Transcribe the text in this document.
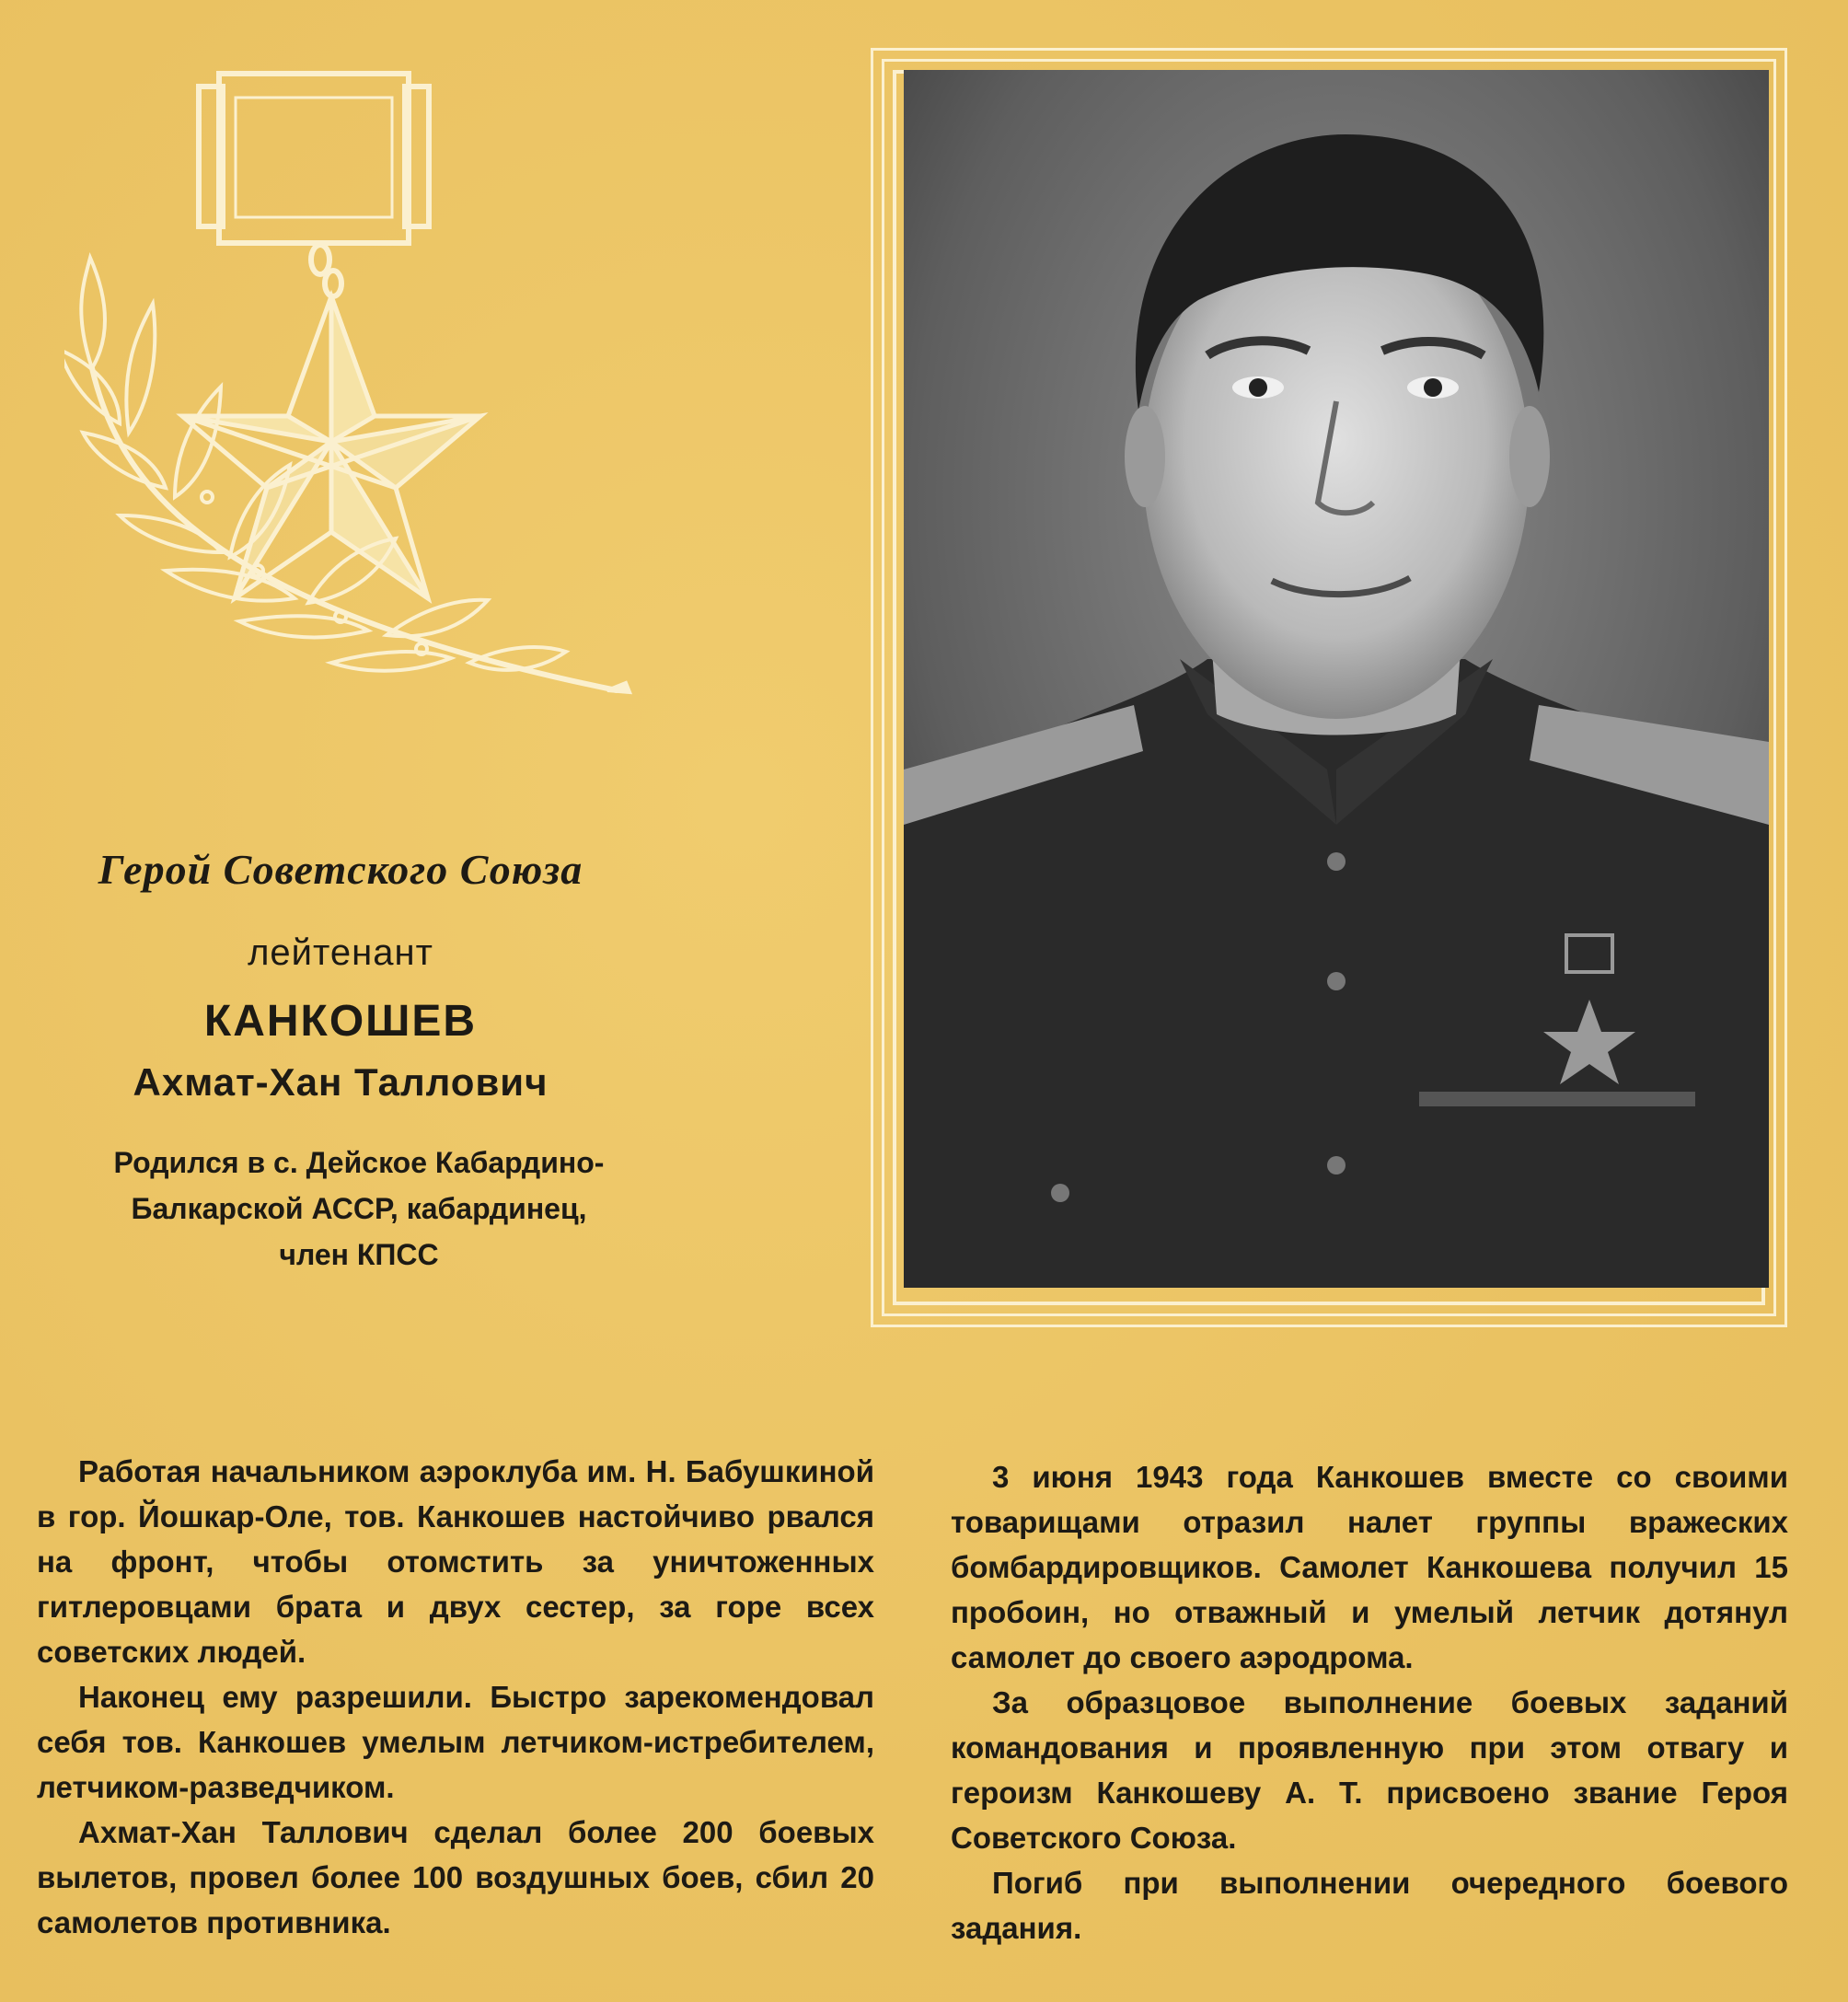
Герой Советского Союза
лейтенант
КАНКОШЕВ
Ахмат-Хан Таллович
Родился в с. Дейское Кабардино-
Балкарской АССР, кабардинец,
член КПСС

Работая начальником аэроклуба им. Н. Бабушкиной в гор. Йошкар-Оле, тов. Канкошев настойчиво рвался на фронт, чтобы отомстить за уничтоженных гитлеровцами брата и двух сестер, за горе всех советских людей.

Наконец ему разрешили. Быстро зарекомендовал себя тов. Канкошев умелым летчиком-истребителем, летчиком-разведчиком.

Ахмат-Хан Таллович сделал более 200 боевых вылетов, провел более 100 воздушных боев, сбил 20 самолетов противника.

3 июня 1943 года Канкошев вместе со своими товарищами отразил налет группы вражеских бомбардировщиков. Самолет Канкошева получил 15 пробоин, но отважный и умелый летчик дотянул самолет до своего аэродрома.

За образцовое выполнение боевых заданий командования и проявленную при этом отвагу и героизм Канкошеву А. Т. присвоено звание Героя Советского Союза.

Погиб при выполнении очередного боевого задания.
